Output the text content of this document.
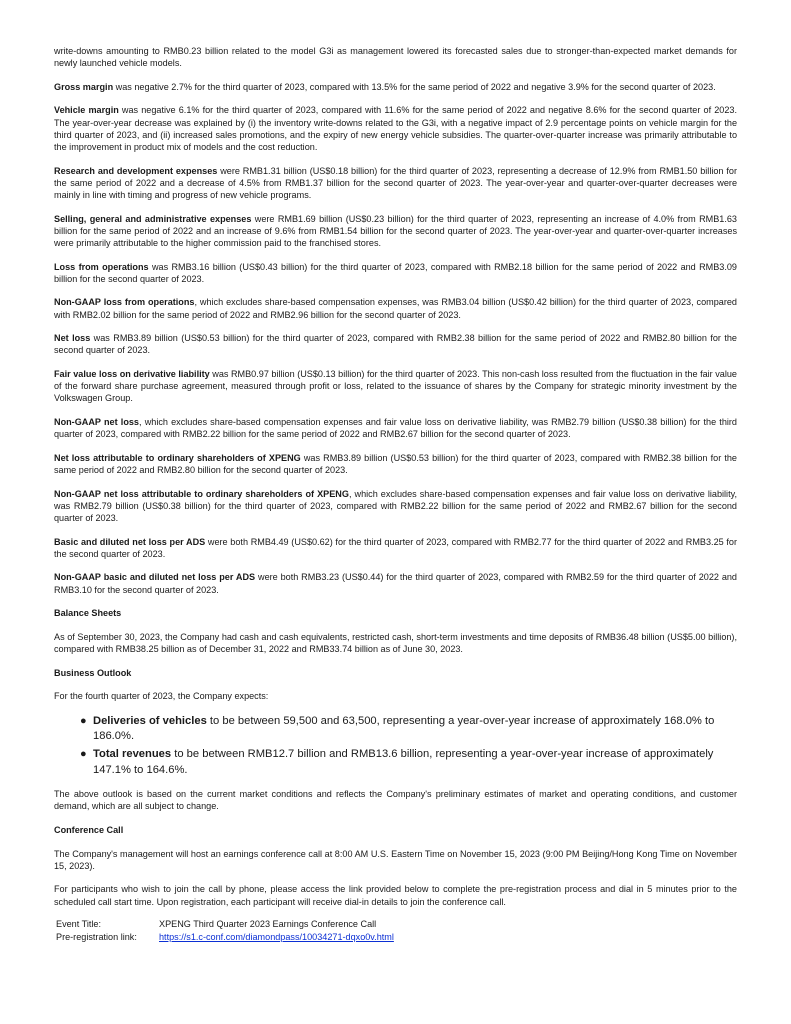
write-downs amounting to RMB0.23 billion related to the model G3i as management lowered its forecasted sales due to stronger-than-expected market demands for newly launched vehicle models.

Gross margin was negative 2.7% for the third quarter of 2023, compared with 13.5% for the same period of 2022 and negative 3.9% for the second quarter of 2023.

Vehicle margin was negative 6.1% for the third quarter of 2023, compared with 11.6% for the same period of 2022 and negative 8.6% for the second quarter of 2023. The year-over-year decrease was explained by (i) the inventory write-downs related to the G3i, with a negative impact of 2.9 percentage points on vehicle margin for the third quarter of 2023, and (ii) increased sales promotions, and the expiry of new energy vehicle subsidies. The quarter-over-quarter increase was primarily attributable to the improvement in product mix of models and the cost reduction.

Research and development expenses were RMB1.31 billion (US$0.18 billion) for the third quarter of 2023, representing a decrease of 12.9% from RMB1.50 billion for the same period of 2022 and a decrease of 4.5% from RMB1.37 billion for the second quarter of 2023. The year-over-year and quarter-over-quarter decreases were mainly in line with timing and progress of new vehicle programs.

Selling, general and administrative expenses were RMB1.69 billion (US$0.23 billion) for the third quarter of 2023, representing an increase of 4.0% from RMB1.63 billion for the same period of 2022 and an increase of 9.6% from RMB1.54 billion for the second quarter of 2023. The year-over-year and quarter-over-quarter increases were primarily attributable to the higher commission paid to the franchised stores.

Loss from operations was RMB3.16 billion (US$0.43 billion) for the third quarter of 2023, compared with RMB2.18 billion for the same period of 2022 and RMB3.09 billion for the second quarter of 2023.

Non-GAAP loss from operations, which excludes share-based compensation expenses, was RMB3.04 billion (US$0.42 billion) for the third quarter of 2023, compared with RMB2.02 billion for the same period of 2022 and RMB2.96 billion for the second quarter of 2023.

Net loss was RMB3.89 billion (US$0.53 billion) for the third quarter of 2023, compared with RMB2.38 billion for the same period of 2022 and RMB2.80 billion for the second quarter of 2023.

Fair value loss on derivative liability was RMB0.97 billion (US$0.13 billion) for the third quarter of 2023. This non-cash loss resulted from the fluctuation in the fair value of the forward share purchase agreement, measured through profit or loss, related to the issuance of shares by the Company for strategic minority investment by the Volkswagen Group.

Non-GAAP net loss, which excludes share-based compensation expenses and fair value loss on derivative liability, was RMB2.79 billion (US$0.38 billion) for the third quarter of 2023, compared with RMB2.22 billion for the same period of 2022 and RMB2.67 billion for the second quarter of 2023.

Net loss attributable to ordinary shareholders of XPENG was RMB3.89 billion (US$0.53 billion) for the third quarter of 2023, compared with RMB2.38 billion for the same period of 2022 and RMB2.80 billion for the second quarter of 2023.

Non-GAAP net loss attributable to ordinary shareholders of XPENG, which excludes share-based compensation expenses and fair value loss on derivative liability, was RMB2.79 billion (US$0.38 billion) for the third quarter of 2023, compared with RMB2.22 billion for the same period of 2022 and RMB2.67 billion for the second quarter of 2023.

Basic and diluted net loss per ADS were both RMB4.49 (US$0.62) for the third quarter of 2023, compared with RMB2.77 for the third quarter of 2022 and RMB3.25 for the second quarter of 2023.

Non-GAAP basic and diluted net loss per ADS were both RMB3.23 (US$0.44) for the third quarter of 2023, compared with RMB2.59 for the third quarter of 2022 and RMB3.10 for the second quarter of 2023.

Balance Sheets

As of September 30, 2023, the Company had cash and cash equivalents, restricted cash, short-term investments and time deposits of RMB36.48 billion (US$5.00 billion), compared with RMB38.25 billion as of December 31, 2022 and RMB33.74 billion as of June 30, 2023.

Business Outlook

For the fourth quarter of 2023, the Company expects:

● Deliveries of vehicles to be between 59,500 and 63,500, representing a year-over-year increase of approximately 168.0% to 186.0%.
● Total revenues to be between RMB12.7 billion and RMB13.6 billion, representing a year-over-year increase of approximately 147.1% to 164.6%.

The above outlook is based on the current market conditions and reflects the Company's preliminary estimates of market and operating conditions, and customer demand, which are all subject to change.

Conference Call

The Company's management will host an earnings conference call at 8:00 AM U.S. Eastern Time on November 15, 2023 (9:00 PM Beijing/Hong Kong Time on November 15, 2023).

For participants who wish to join the call by phone, please access the link provided below to complete the pre-registration process and dial in 5 minutes prior to the scheduled call start time. Upon registration, each participant will receive dial-in details to join the conference call.

Event Title:	XPENG Third Quarter 2023 Earnings Conference Call
Pre-registration link:	https://s1.c-conf.com/diamondpass/10034271-dqxo0v.html
